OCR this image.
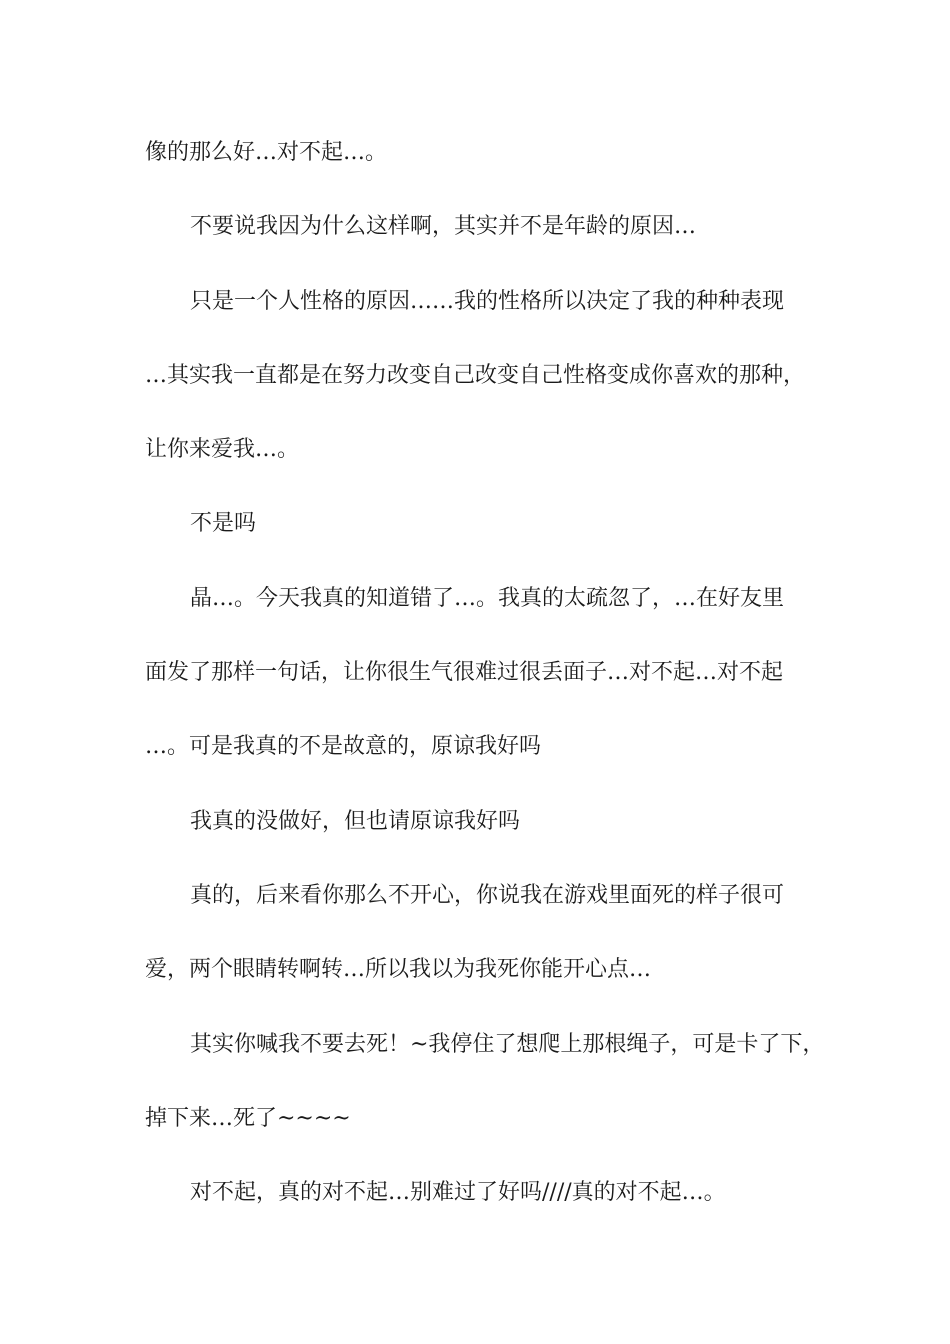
像的那么好…对不起…。
不要说我因为什么这样啊，其实并不是年龄的原因…
只是一个人性格的原因……我的性格所以决定了我的种种表现
…其实我一直都是在努力改变自己改变自己性格变成你喜欢的那种，
让你来爱我…。
不是吗
晶…。今天我真的知道错了…。我真的太疏忽了，…在好友里
面发了那样一句话，让你很生气很难过很丢面子…对不起…对不起
…。可是我真的不是故意的，原谅我好吗
我真的没做好，但也请原谅我好吗
真的，后来看你那么不开心，你说我在游戏里面死的样子很可
爱，两个眼睛转啊转…所以我以为我死你能开心点…
其实你喊我不要去死！~我停住了想爬上那根绳子，可是卡了下，
掉下来…死了~~~~
对不起，真的对不起…别难过了好吗////真的对不起…。
